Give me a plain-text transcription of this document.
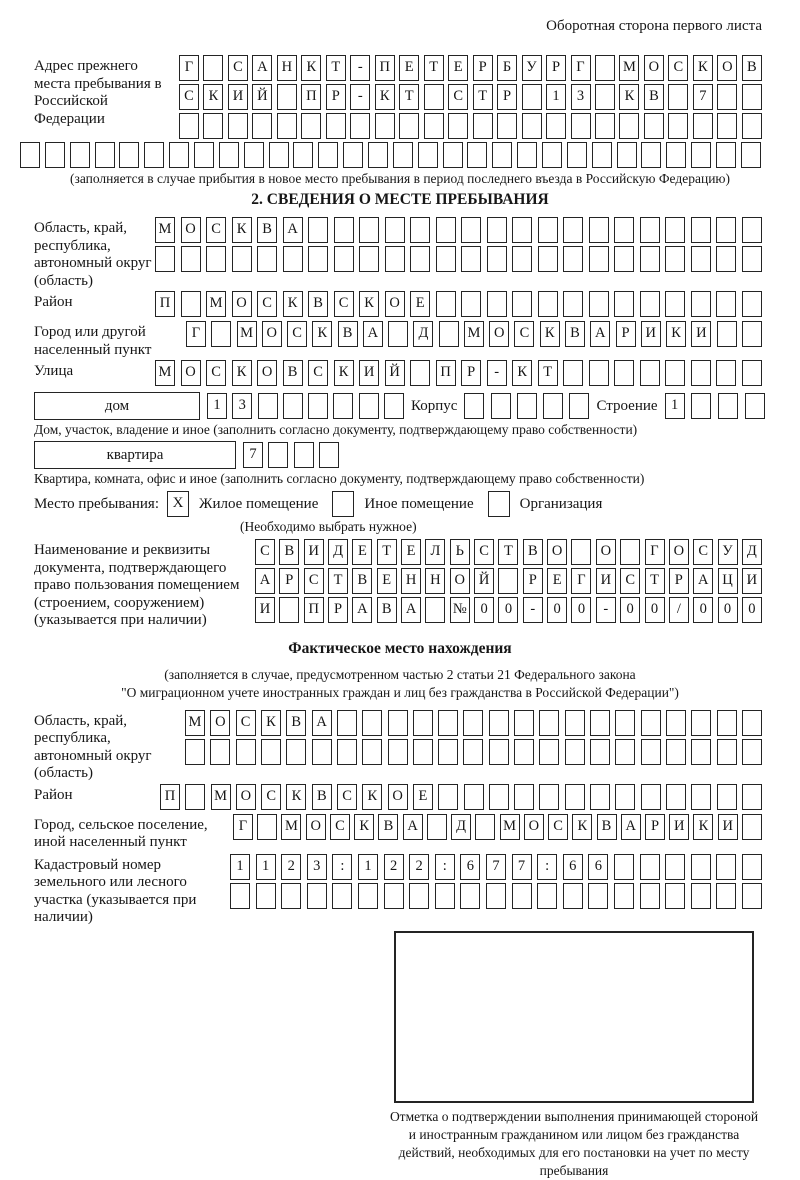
Оборотная сторона первого листа
Адрес прежнего места пребывания в Российской Федерации
Г	С А Н К	Т	-	П	Е	Т	Е	Р	Б	У	Р	Г	М О С	К О В
С	К И Й	П	Р	-	К	Т	С	Т	Р	1	3	К	В	7
(заполняется в случае прибытия в новое место пребывания в период последнего въезда в Российскую Федерацию)
2. СВЕДЕНИЯ О МЕСТЕ ПРЕБЫВАНИЯ
Область, край, республика, автономный округ (область)
М О	С	К	В	А
Район	П	М О	С	К	В	С	К	О	Е
Город или другой населенный пункт
Г	М О	С	К	В	А	Д	М О	С	К	В	А	Р	И	К	И
Улица	М О	С	К	О	В	С	К	И	Й	П	Р	-	К	Т
дом	1	3	Корпус	Строение 1
Дом, участок, владение и иное (заполнить согласно документу, подтверждающему право собственности)
квартира	7
Квартира, комната, офис и иное (заполнить согласно документу, подтверждающему право собственности)
Место пребывания: X	Жилое помещение	Иное помещение	Организация
(Необходимо выбрать нужное)
Наименование и реквизиты документа, подтверждающего право пользования помещением (строением, сооружением) (указывается при наличии)
С	В И Д	Е	Т	Е	Л	Ь	С	Т	В О	О	Г	О С У Д
А	Р	С	Т	В	Е	Н Н О Й	Р	Е	Г	И С	Т	Р	А Ц И
И	П	Р	А В А	№ 0	0	-	0	0	-	0	0	/	0	0	0
Фактическое место нахождения
(заполняется в случае, предусмотренном частью 2 статьи 21 Федерального закона
"О миграционном учете иностранных граждан и лиц без гражданства в Российской Федерации")
Область, край, республика, автономный округ (область)
М О	С	К	В	А
Район	П	М О	С	К	В	С	К	О	Е
Город, сельское поселение, иной населенный пункт
Г	М О С	К	В А	Д	М О С	К	В А	Р	И К И
Кадастровый номер земельного или лесного участка (указывается при наличии)
1	1	2	3	:	1	2	2	:	6	7	7	:	6	6
Отметка о подтверждении выполнения принимающей стороной и иностранным гражданином или лицом без гражданства действий, необходимых для его постановки на учет по месту пребывания
